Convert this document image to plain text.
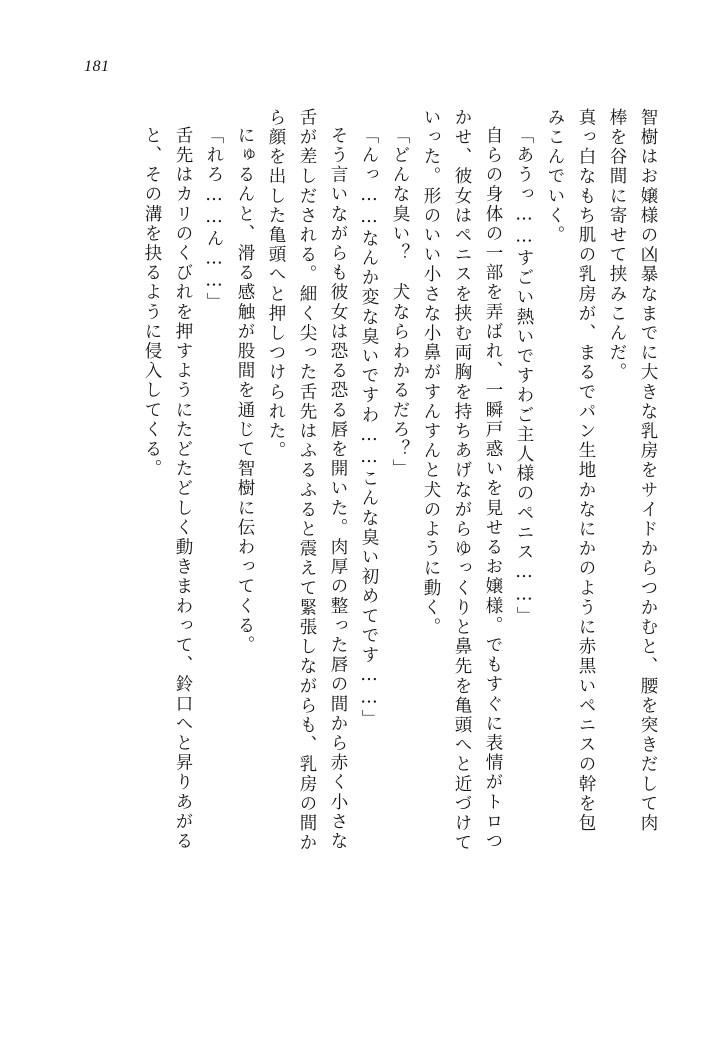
181
智樹はお嬢様の凶暴なまでに大きな乳房をサイドからつかむと、腰を突きだして肉
棒を谷間に寄せて挟みこんだ。
真っ白なもち肌の乳房が、まるでパン生地かなにかのように赤黒いペニスの幹を包
みこんでいく。
「あうっ……すごい熱いですわご主人様のペニス……」
自らの身体の一部を弄ばれ、一瞬戸惑いを見せるお嬢様。でもすぐに表情がトロつ
かせ、彼女はペニスを挟む両胸を持ちあげながらゆっくりと鼻先を亀頭へと近づけて
いった。形のいい小さな小鼻がすんすんと犬のように動く。
「どんな臭い？　犬ならわかるだろ？」
「んっ……なんか変な臭いですわ……こんな臭い初めてです……」
そう言いながらも彼女は恐る恐る唇を開いた。肉厚の整った唇の間から赤く小さな
舌が差しだされる。細く尖った舌先はふるふると震えて緊張しながらも、乳房の間か
ら顔を出した亀頭へと押しつけられた。
にゅるんと、滑る感触が股間を通じて智樹に伝わってくる。
「れろ……ん……」
舌先はカリのくびれを押すようにたどたどしく動きまわって、鈴口へと昇りあがる
と、その溝を抉るように侵入してくる。
